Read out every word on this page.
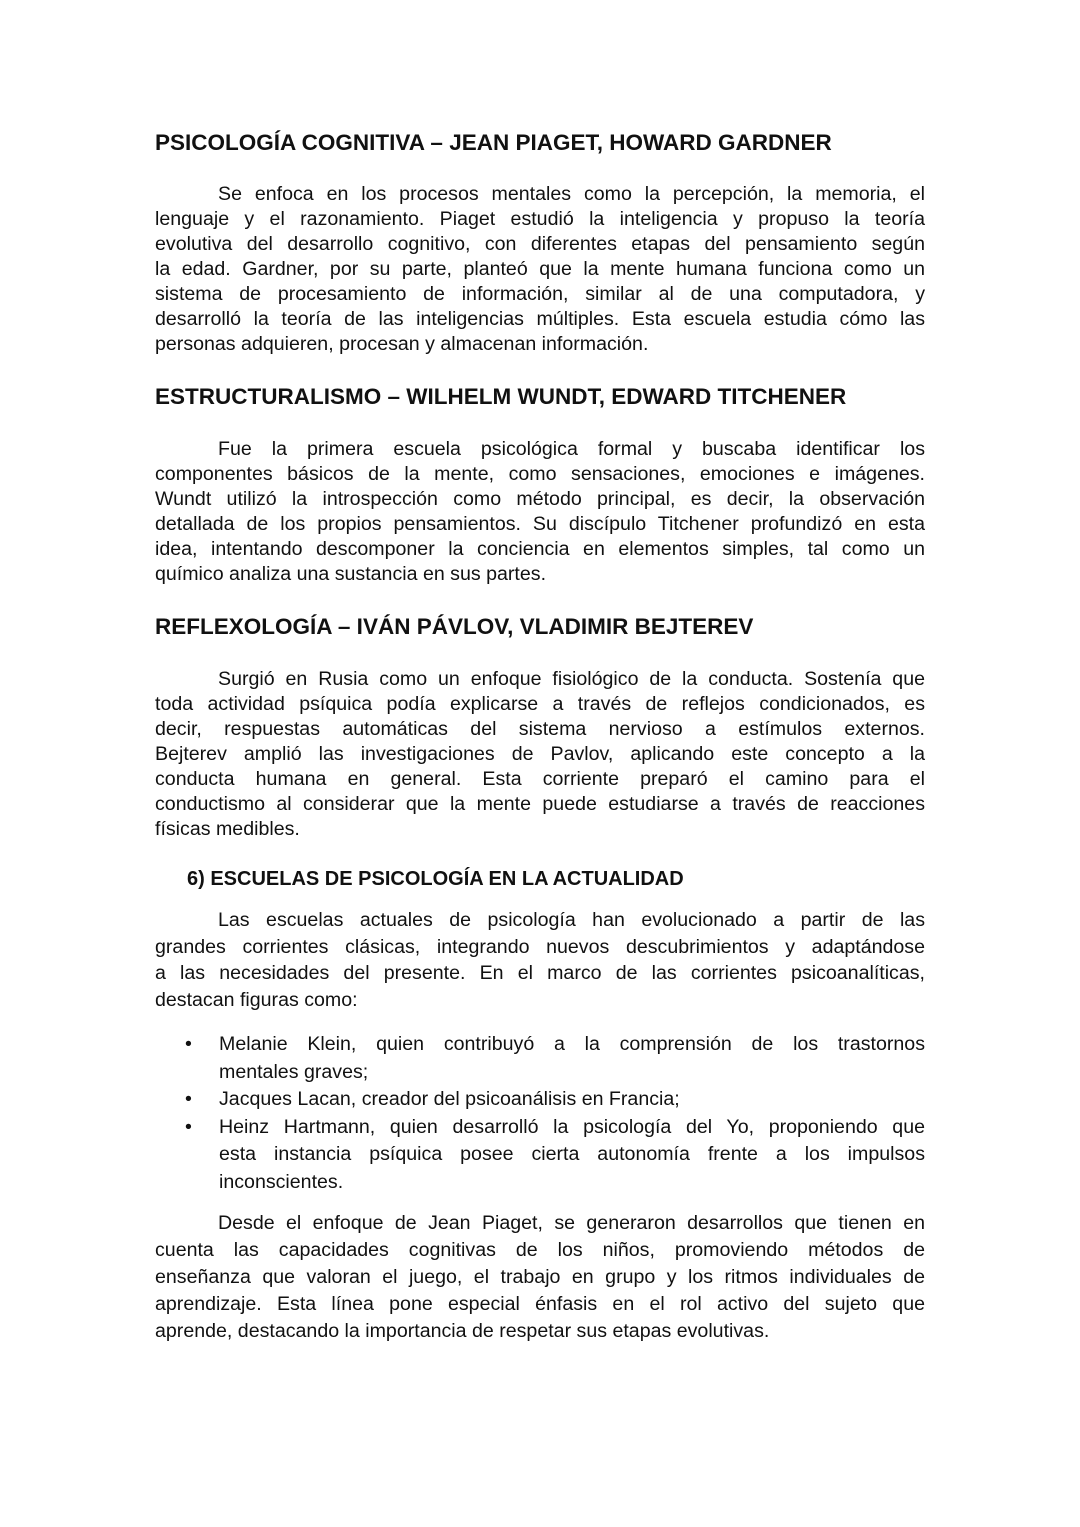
PSICOLOGÍA COGNITIVA – JEAN PIAGET, HOWARD GARDNER
Se enfoca en los procesos mentales como la percepción, la memoria, el
lenguaje y el razonamiento. Piaget estudió la inteligencia y propuso la teoría
evolutiva del desarrollo cognitivo, con diferentes etapas del pensamiento según
la edad. Gardner, por su parte, planteó que la mente humana funciona como un
sistema de procesamiento de información, similar al de una computadora, y
desarrolló la teoría de las inteligencias múltiples. Esta escuela estudia cómo las
personas adquieren, procesan y almacenan información.
ESTRUCTURALISMO – WILHELM WUNDT, EDWARD TITCHENER
Fue la primera escuela psicológica formal y buscaba identificar los
componentes básicos de la mente, como sensaciones, emociones e imágenes.
Wundt utilizó la introspección como método principal, es decir, la observación
detallada de los propios pensamientos. Su discípulo Titchener profundizó en esta
idea, intentando descomponer la conciencia en elementos simples, tal como un
químico analiza una sustancia en sus partes.
REFLEXOLOGÍA – IVÁN PÁVLOV, VLADIMIR BEJTEREV
Surgió en Rusia como un enfoque fisiológico de la conducta. Sostenía que
toda actividad psíquica podía explicarse a través de reflejos condicionados, es
decir, respuestas automáticas del sistema nervioso a estímulos externos.
Bejterev amplió las investigaciones de Pavlov, aplicando este concepto a la
conducta humana en general. Esta corriente preparó el camino para el
conductismo al considerar que la mente puede estudiarse a través de reacciones
físicas medibles.
6) ESCUELAS DE PSICOLOGÍA EN LA ACTUALIDAD
Las escuelas actuales de psicología han evolucionado a partir de las
grandes corrientes clásicas, integrando nuevos descubrimientos y adaptándose
a las necesidades del presente. En el marco de las corrientes psicoanalíticas,
destacan figuras como:
• Melanie Klein, quien contribuyó a la comprensión de los trastornos
mentales graves;
• Jacques Lacan, creador del psicoanálisis en Francia;
• Heinz Hartmann, quien desarrolló la psicología del Yo, proponiendo que
esta instancia psíquica posee cierta autonomía frente a los impulsos
inconscientes.
Desde el enfoque de Jean Piaget, se generaron desarrollos que tienen en
cuenta las capacidades cognitivas de los niños, promoviendo métodos de
enseñanza que valoran el juego, el trabajo en grupo y los ritmos individuales de
aprendizaje. Esta línea pone especial énfasis en el rol activo del sujeto que
aprende, destacando la importancia de respetar sus etapas evolutivas.
